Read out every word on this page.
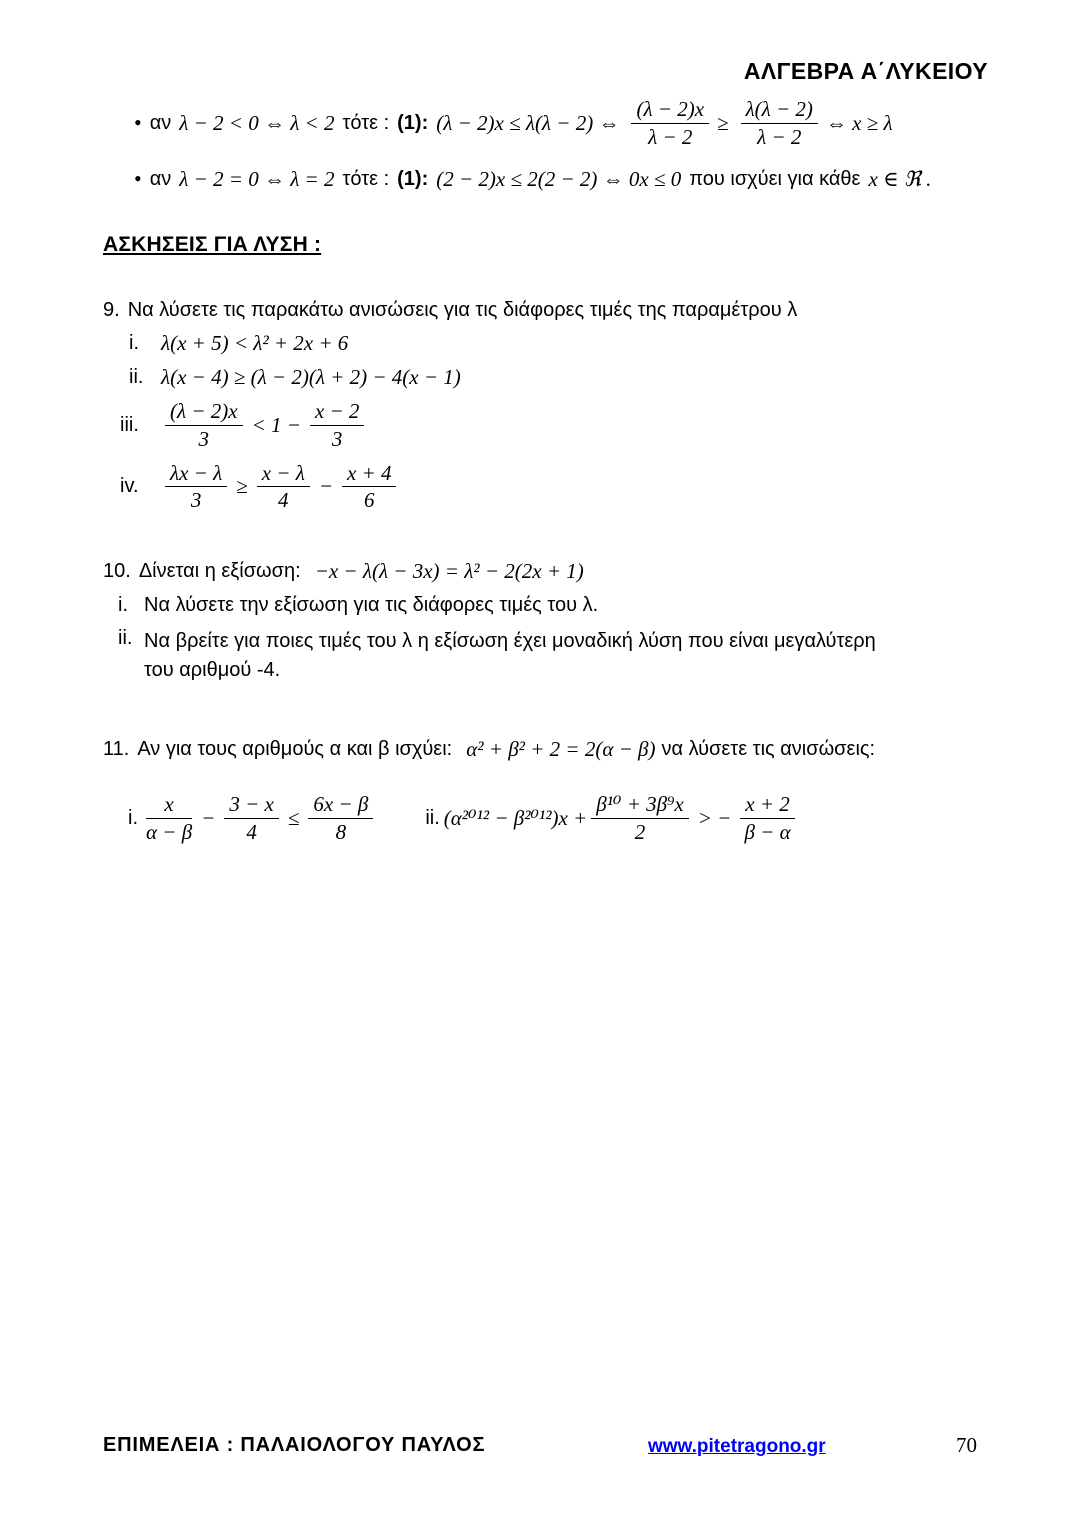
ΑΛΓΕΒΡΑ Α΄ΛΥΚΕΙΟΥ
• αν λ − 2 < 0 ⇔ λ < 2 τότε : (1): (λ − 2)x ≤ λ(λ − 2) ⇔ $\frac{(\lambda - 2)x}{\lambda - 2} \ge \frac{\lambda(\lambda - 2)}{\lambda - 2}$ ⇔ x ≥ λ
• αν λ − 2 = 0 ⇔ λ = 2 τότε : (1): (2 − 2)x ≤ 2(2 − 2) ⇔ 0x ≤ 0 που ισχύει για κάθε x ∈ ℜ .
ΑΣΚΗΣΕΙΣ ΓΙΑ ΛΥΣΗ :
9. Να λύσετε τις παρακάτω ανισώσεις για τις διάφορες τιμές της παραμέτρου λ
i.	λ(x + 5) < λ² + 2x + 6
ii. λ(x − 4) ≥ (λ − 2)(λ + 2) − 4(x − 1)
iii.	$\frac{(\lambda - 2)x}{3} < 1 - \frac{x - 2}{3}$
iv.	$\frac{\lambda x - \lambda}{3} \ge \frac{x - \lambda}{4} - \frac{x + 4}{6}$
10. Δίνεται η εξίσωση: −x − λ(λ − 3x) = λ² − 2(2x + 1)
i. Να λύσετε την εξίσωση για τις διάφορες τιμές του λ.
ii. Να βρείτε για ποιες τιμές του λ η εξίσωση έχει μοναδική λύση που είναι μεγαλύτερη
του αριθμού -4.
11. Αν για τους αριθμούς α και β ισχύει: α² + β² + 2 = 2(α − β) να λύσετε τις ανισώσεις:
i. $\frac{x}{\alpha - \beta} - \frac{3 - x}{4} \le \frac{6x - \beta}{8}$	ii. $(\alpha^{2012} - \beta^{2012})x + \frac{\text{β¹⁰ + 3β⁹x}}{2}$ > − $\frac{x + 2}{\beta - \alpha}$
ΕΠΙΜΕΛΕΙΑ : ΠΑΛΑΙΟΛΟΓΟΥ ΠΑΥΛΟΣ	www.pitetragono.gr	70
